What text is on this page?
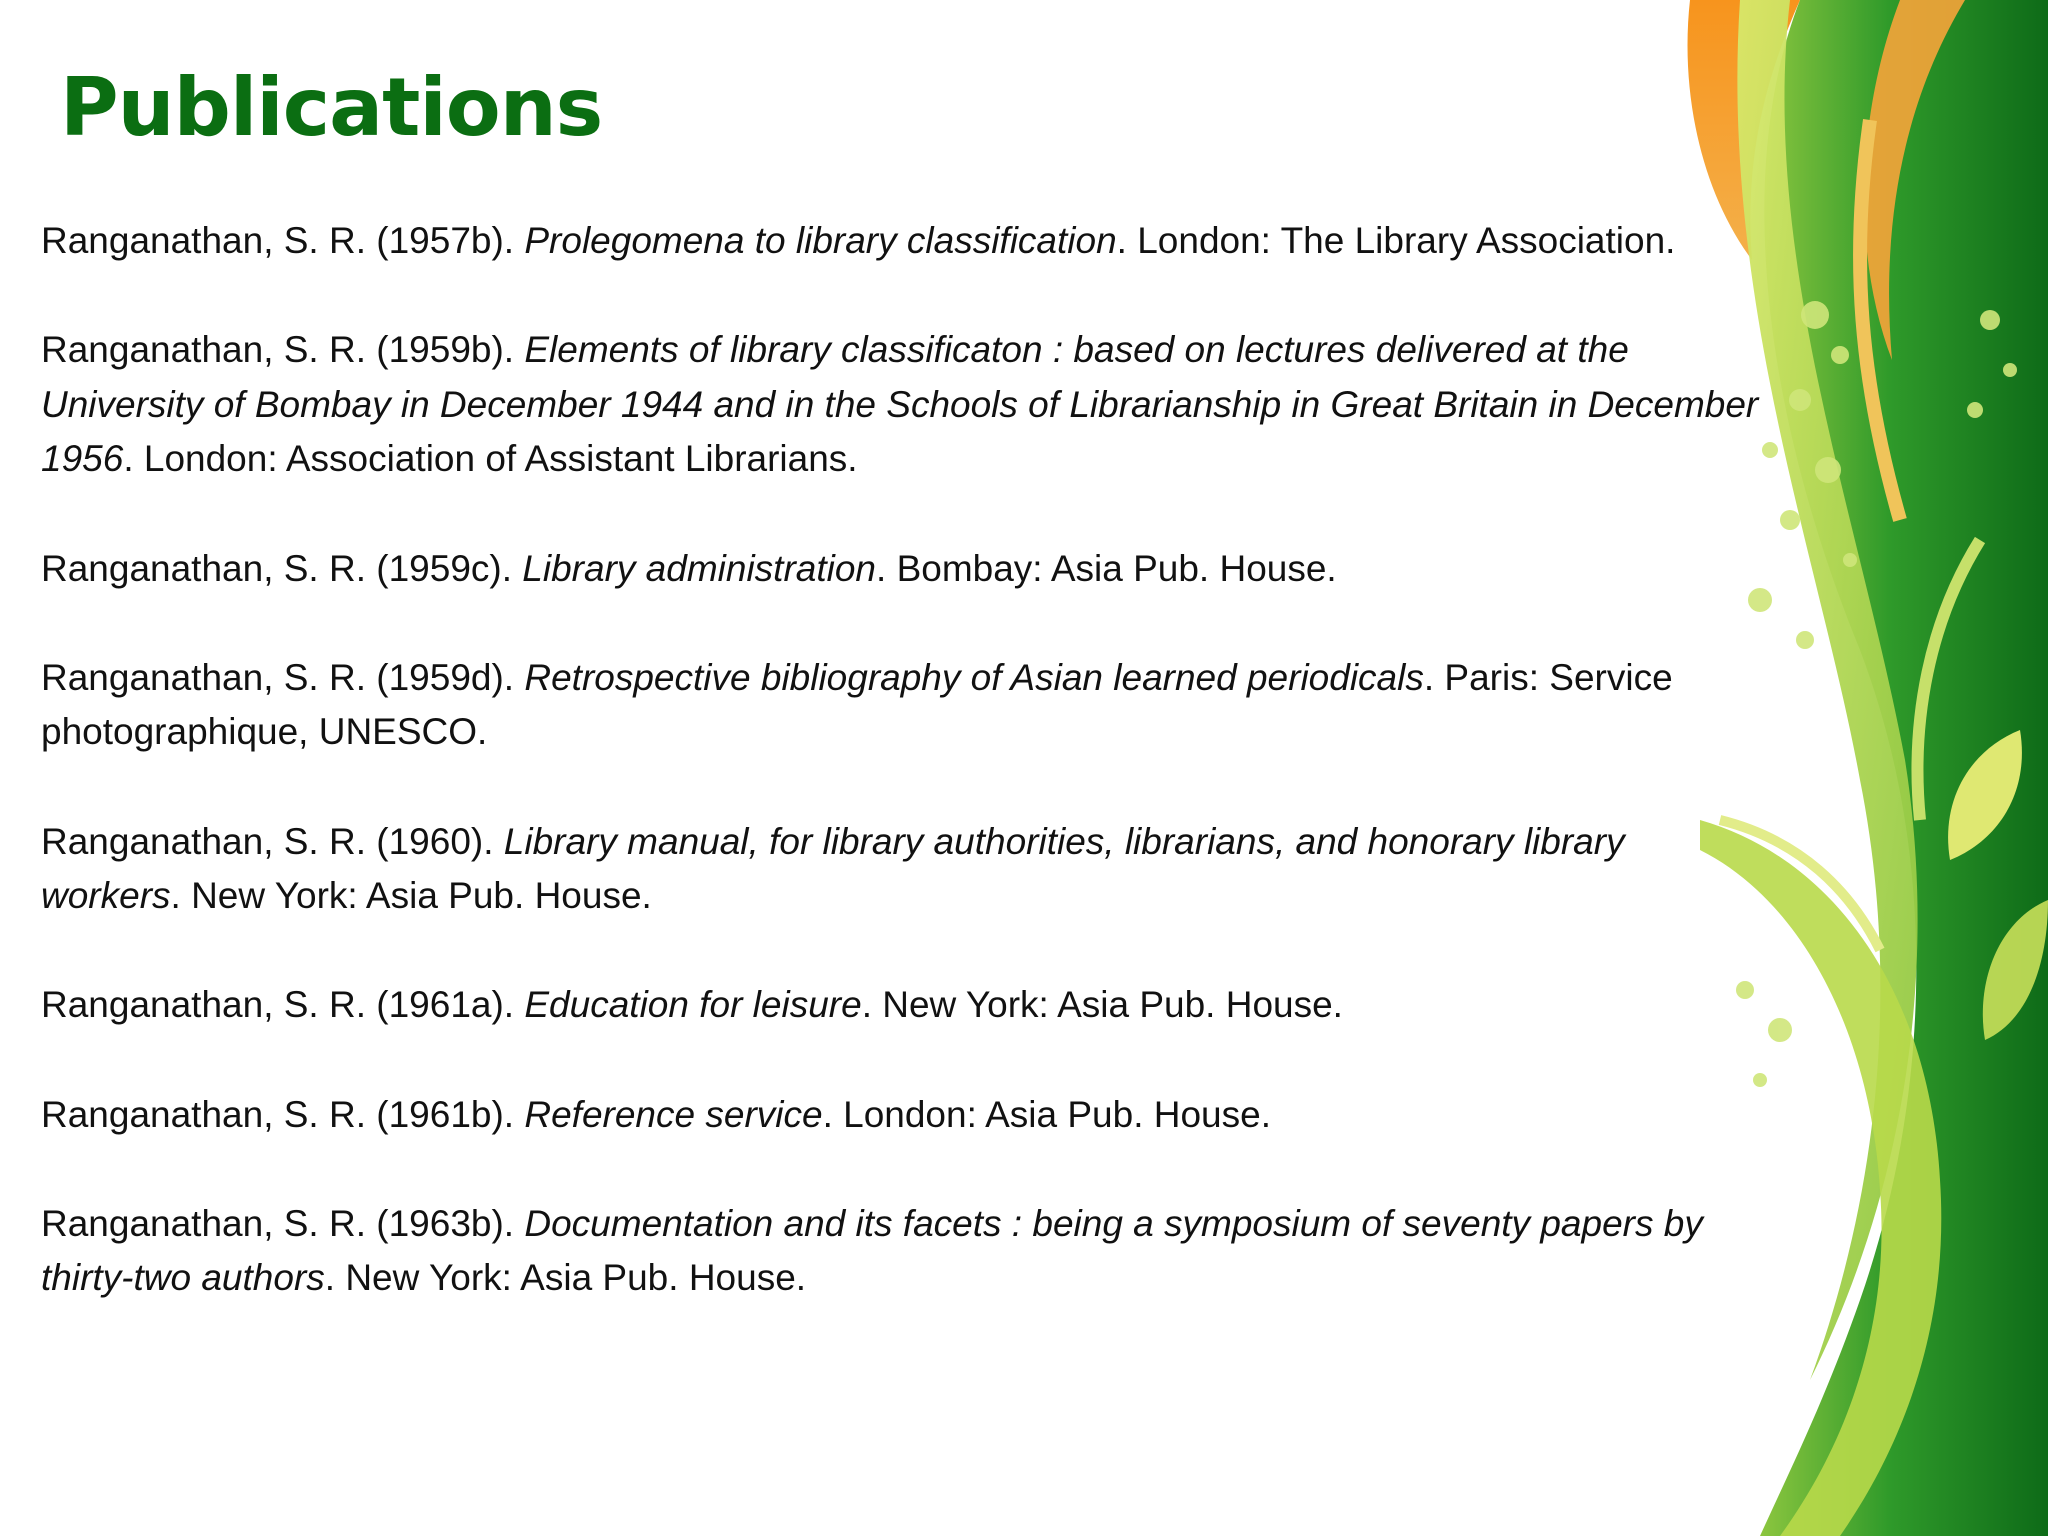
Publications
Ranganathan, S. R. (1957b). Prolegomena to library classification. London: The Library Association.
Ranganathan, S. R. (1959b). Elements of library classificaton : based on lectures delivered at the University of Bombay in December 1944 and in the Schools of Librarianship in Great Britain in December 1956. London: Association of Assistant Librarians.
Ranganathan, S. R. (1959c). Library administration. Bombay: Asia Pub. House.
Ranganathan, S. R. (1959d). Retrospective bibliography of Asian learned periodicals. Paris: Service photographique, UNESCO.
Ranganathan, S. R. (1960). Library manual, for library authorities, librarians, and honorary library workers. New York: Asia Pub. House.
Ranganathan, S. R. (1961a). Education for leisure. New York: Asia Pub. House.
Ranganathan, S. R. (1961b). Reference service. London: Asia Pub. House.
Ranganathan, S. R. (1963b). Documentation and its facets : being a symposium of seventy papers by thirty-two authors. New York: Asia Pub. House.
